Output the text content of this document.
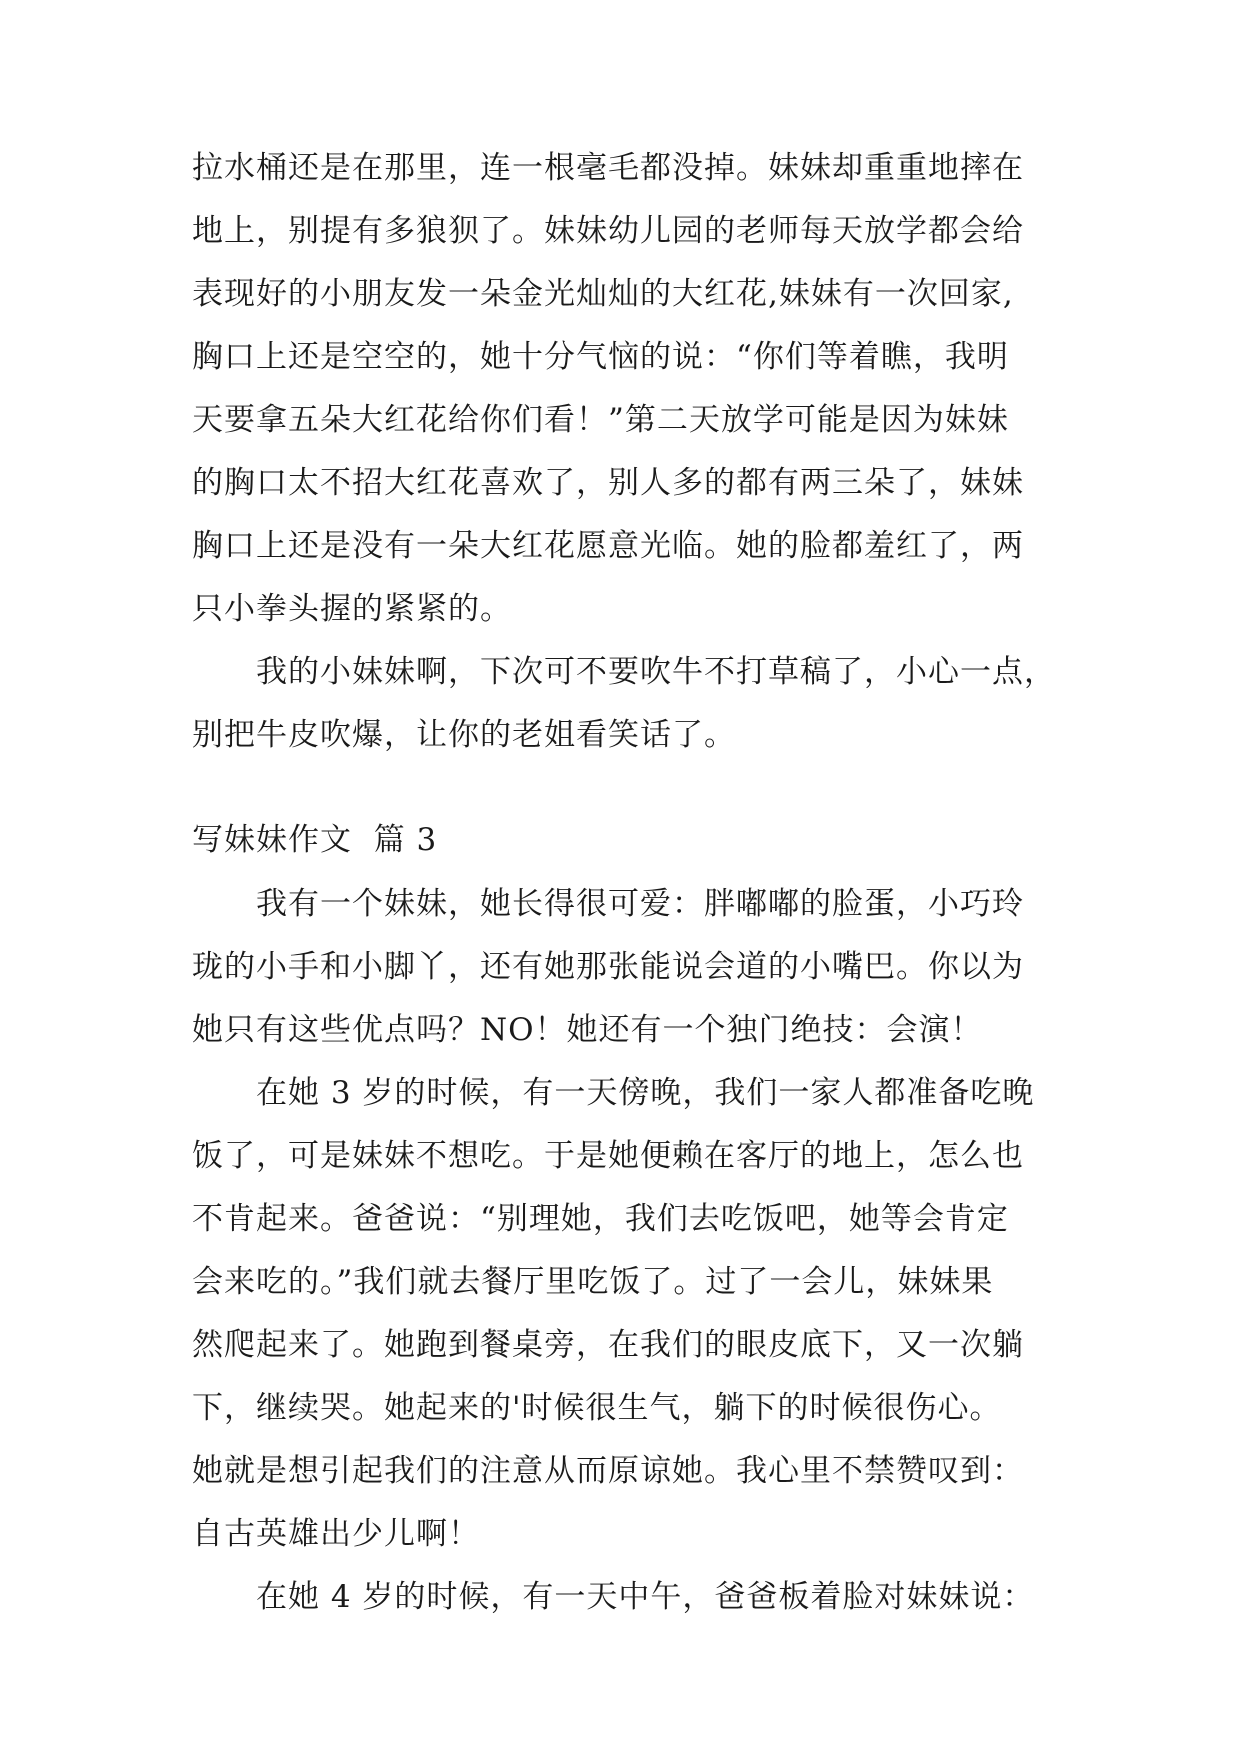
拉水桶还是在那里，连一根毫毛都没掉。妹妹却重重地摔在
地上，别提有多狼狈了。妹妹幼儿园的老师每天放学都会给
表现好的小朋友发一朵金光灿灿的大红花,妹妹有一次回家,
胸口上还是空空的，她十分气恼的说：“你们等着瞧，我明
天要拿五朵大红花给你们看！”第二天放学可能是因为妹妹
的胸口太不招大红花喜欢了，别人多的都有两三朵了，妹妹
胸口上还是没有一朵大红花愿意光临。她的脸都羞红了，两
只小拳头握的紧紧的。
我的小妹妹啊，下次可不要吹牛不打草稿了，小心一点，
别把牛皮吹爆，让你的老姐看笑话了。
写妹妹作文  篇 3
我有一个妹妹，她长得很可爱：胖嘟嘟的脸蛋，小巧玲
珑的小手和小脚丫，还有她那张能说会道的小嘴巴。你以为
她只有这些优点吗？NO！她还有一个独门绝技：会演！
在她 3 岁的时候，有一天傍晚，我们一家人都准备吃晚
饭了，可是妹妹不想吃。于是她便赖在客厅的地上，怎么也
不肯起来。爸爸说：“别理她，我们去吃饭吧，她等会肯定
会来吃的。”我们就去餐厅里吃饭了。过了一会儿，妹妹果
然爬起来了。她跑到餐桌旁，在我们的眼皮底下，又一次躺
下，继续哭。她起来的'时候很生气，躺下的时候很伤心。
她就是想引起我们的注意从而原谅她。我心里不禁赞叹到：
自古英雄出少儿啊！
在她 4 岁的时候，有一天中午，爸爸板着脸对妹妹说：
